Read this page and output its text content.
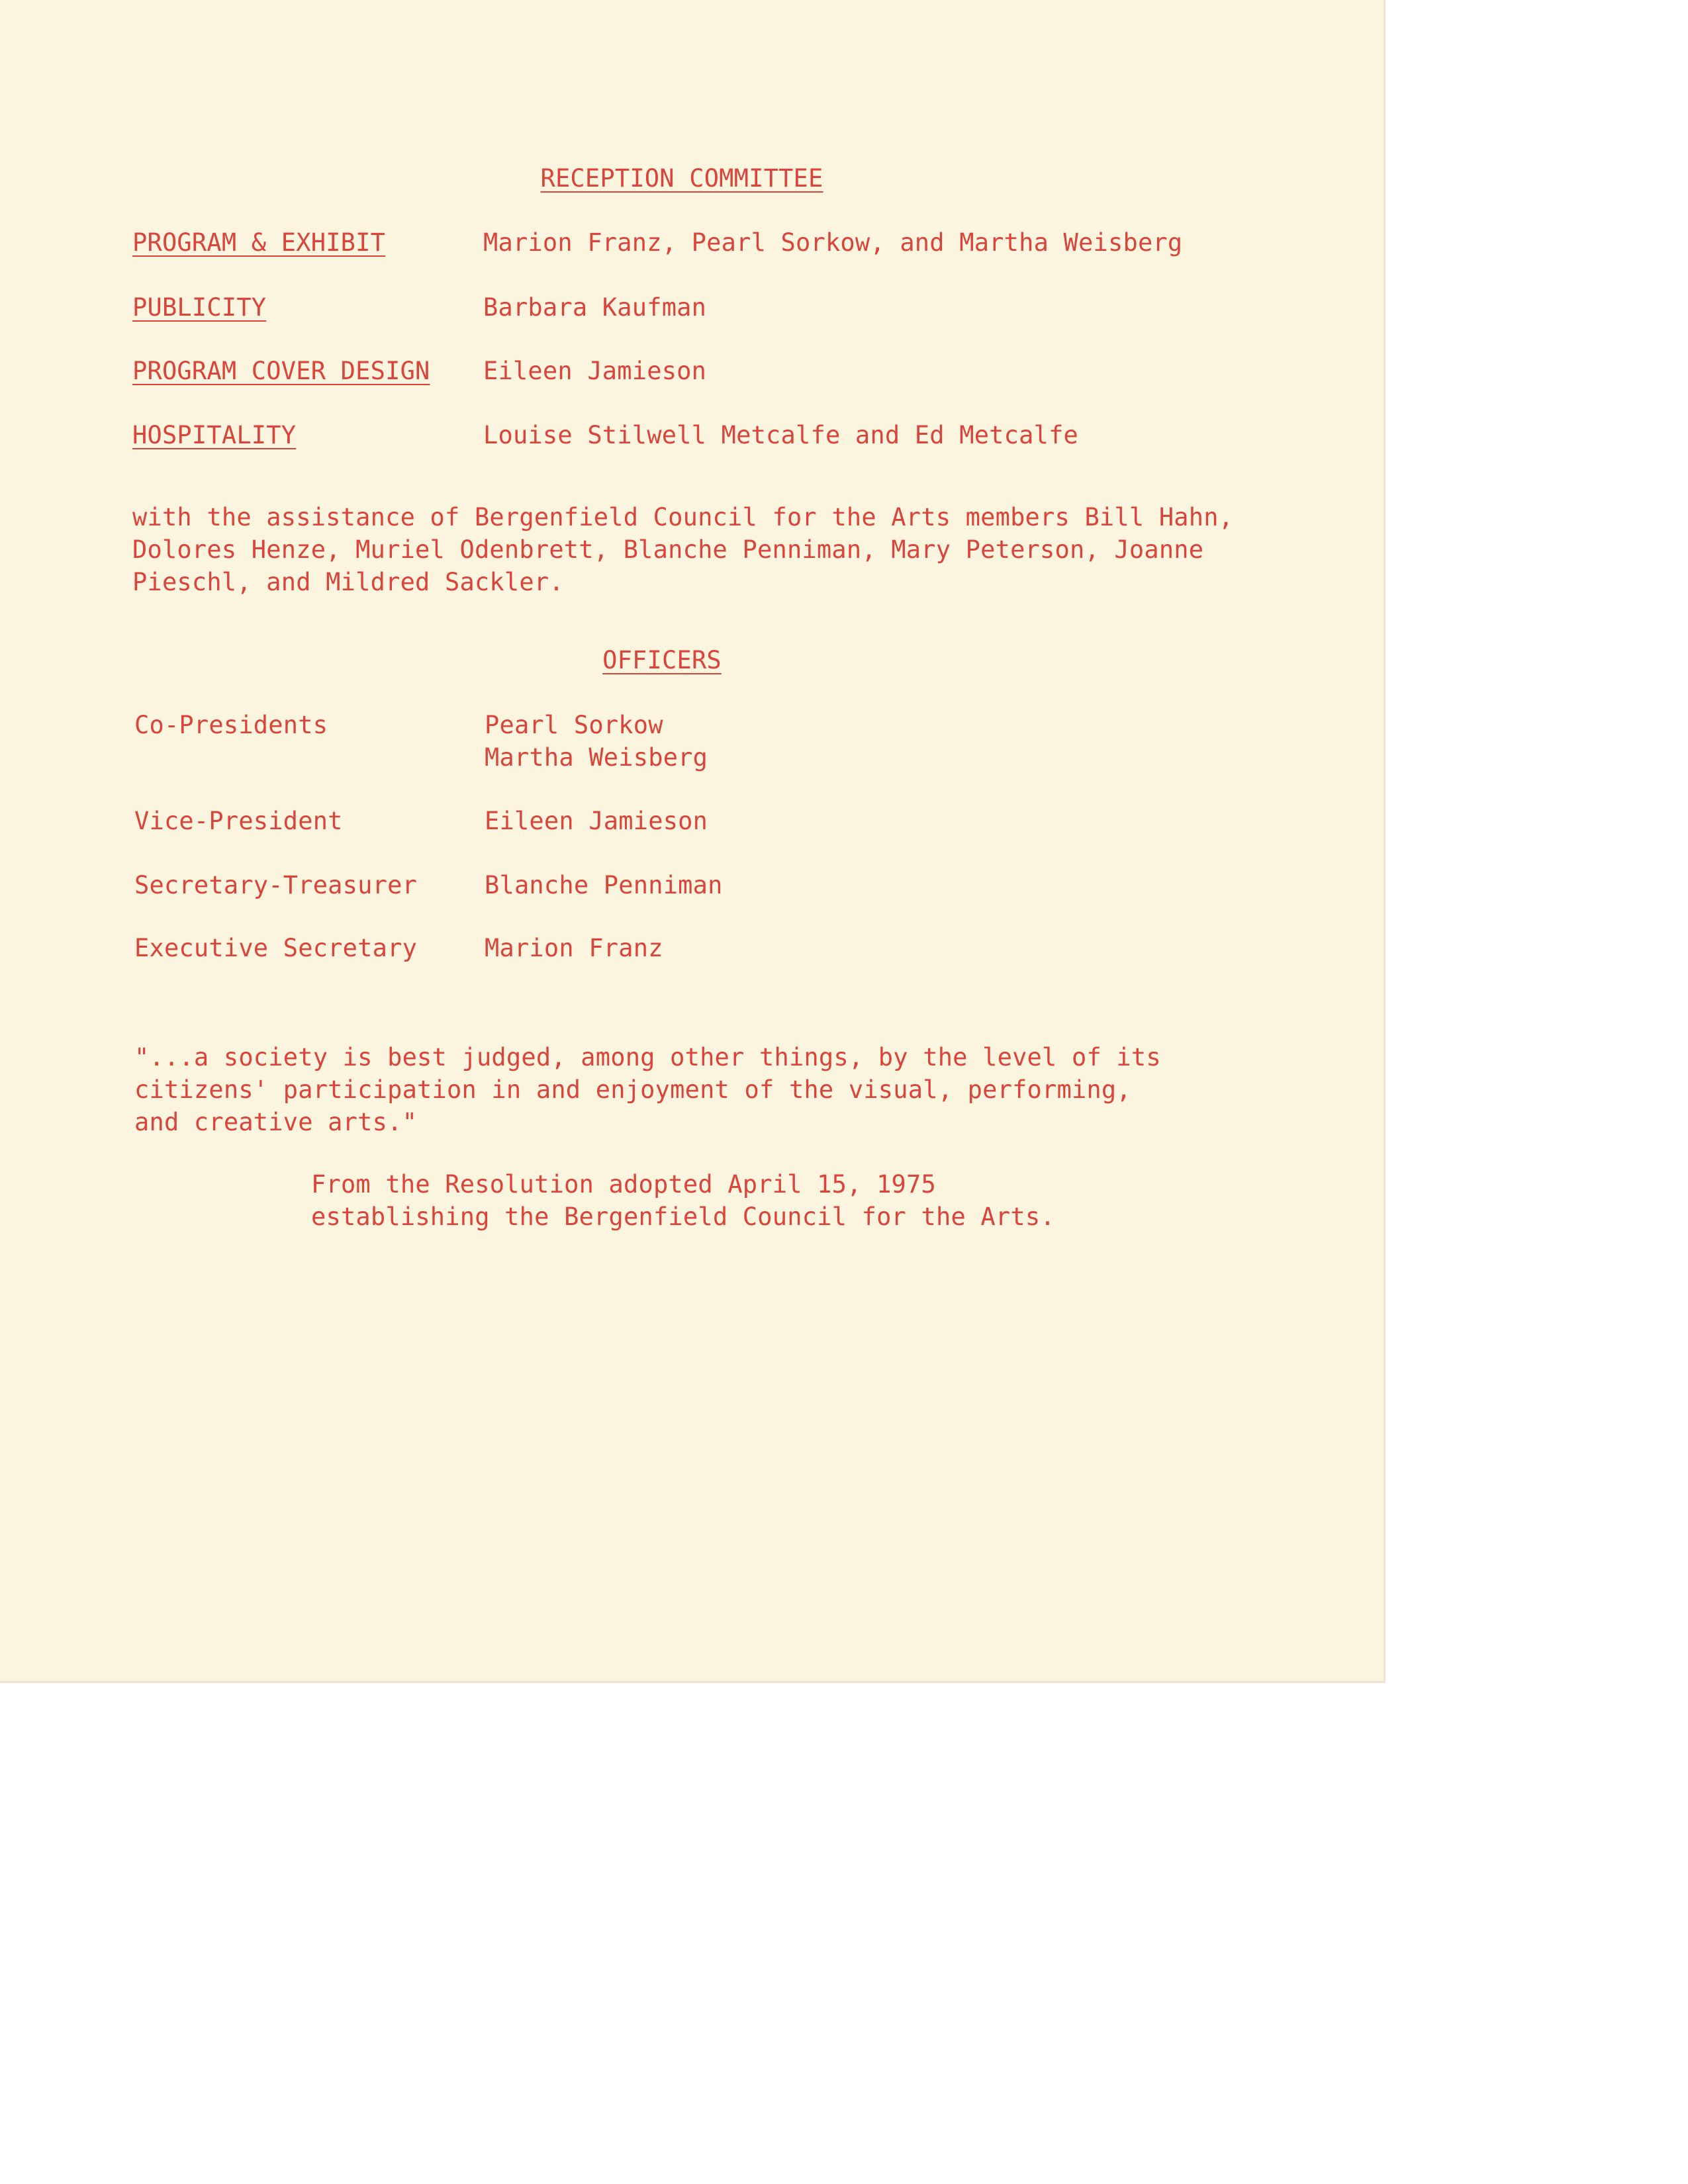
RECEPTION COMMITTEE
PROGRAM & EXHIBIT	Marion Franz, Pearl Sorkow, and Martha Weisberg
PUBLICITY	Barbara Kaufman
PROGRAM COVER DESIGN Eileen Jamieson
HOSPITALITY	Louise Stilwell Metcalfe and Ed Metcalfe
with the assistance of Bergenfield Council for the Arts members Bill Hahn,
Dolores Henze, Muriel Odenbrett, Blanche Penniman, Mary Peterson, Joanne
Pieschl, and Mildred Sackler.
OFFICERS
Co-Presidents	Pearl Sorkow
Martha Weisberg
Vice-President	Eileen Jamieson
Secretary-Treasurer	Blanche Penniman
Executive Secretary	Marion Franz
"...a society is best judged, among other things, by the level of its
citizens' participation in and enjoyment of the visual, performing,
and creative arts."
From the Resolution adopted April 15, 1975
establishing the Bergenfield Council for the Arts.
